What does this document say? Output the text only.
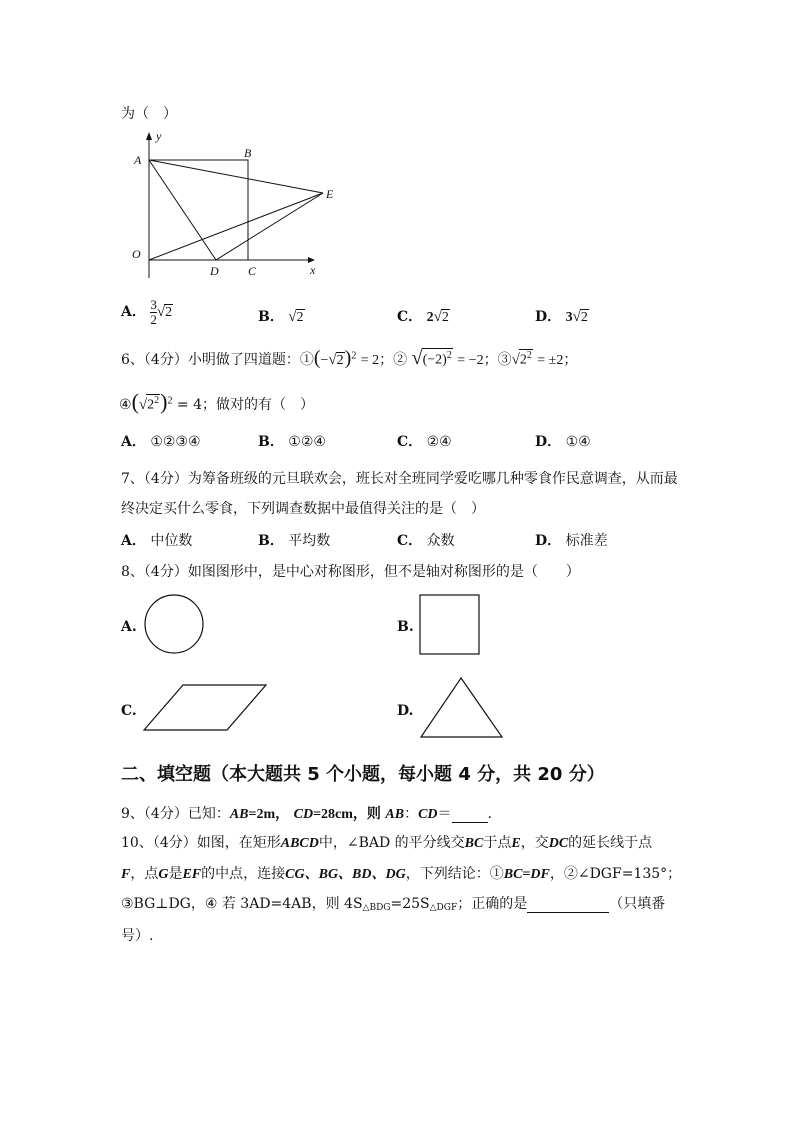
为（　）
y
x
A	B
E
O
D C
A． $\frac{3}{2} √2$	B． √2	C． 2√2	D． 3√2
6、（4分）小明做了四道题：$①(-√2)^2 = 2$；② $√(-2)^2 = -2$；$③√2^2 = \pm 2$；
$④(√2^2)^2 = 4$；做对的有（　）
A． ①②③④	B． ①②④	C． ②④	D． ①④
7、（4分）为筹备班级的元旦联欢会，班长对全班同学爱吃哪几种零食作民意调查，从而最
终决定买什么零食，下列调查数据中最值得关注的是（　）
A． 中位数	B． 平均数	C． 众数	D． 标准差
8、（4分）如图图形中，是中心对称图形，但不是轴对称图形的是（　　）
A.	B.
C.	D.
二、填空题（本大题共 5 个小题，每小题 4 分，共 20 分）
9、（4分）已知：AB=2m， CD=28cm，则 AB：CD＝	.
10、（4分）如图，在矩形ABCD中，∠BAD 的平分线交BC于点E，交DC的延长线于点
F，点G是EF的中点，连接CG、BG、BD、DG，下列结论：①BC=DF，②∠DGF=135°；
③BG⊥DG，④ 若 3AD=4AB，则 $4S_{\triangle BDG}=25S_{\triangle DGF}$；正确的是	（只填番
号）.
